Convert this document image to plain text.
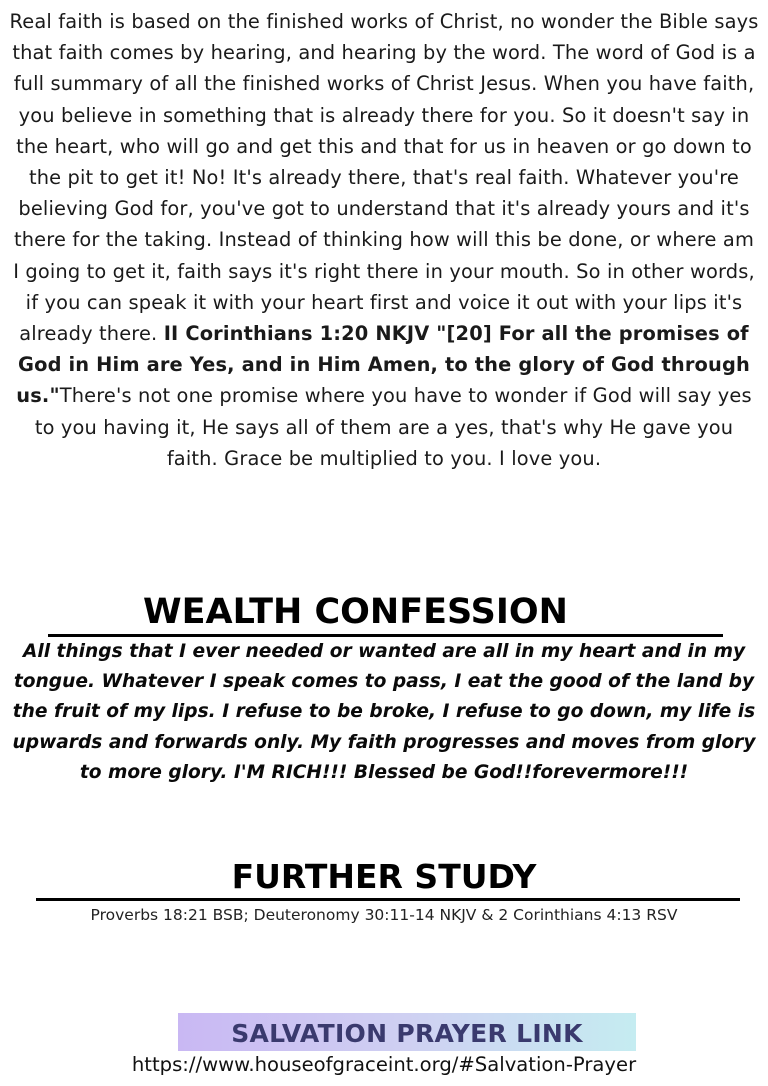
Real faith is based on the finished works of Christ, no wonder the Bible says that faith comes by hearing, and hearing by the word. The word of God is a full summary of all the finished works of Christ Jesus. When you have faith, you believe in something that is already there for you. So it doesn't say in the heart, who will go and get this and that for us in heaven or go down to the pit to get it! No! It's already there, that's real faith. Whatever you're believing God for, you've got to understand that it's already yours and it's there for the taking. Instead of thinking how will this be done, or where am I going to get it, faith says it's right there in your mouth. So in other words, if you can speak it with your heart first and voice it out with your lips it's already there. II Corinthians 1:20 NKJV "[20] For all the promises of God in Him are Yes, and in Him Amen, to the glory of God through us."There's not one promise where you have to wonder if God will say yes to you having it, He says all of them are a yes, that's why He gave you faith. Grace be multiplied to you. I love you.
WEALTH CONFESSION
All things that I ever needed or wanted are all in my heart and in my tongue. Whatever I speak comes to pass, I eat the good of the land by the fruit of my lips. I refuse to be broke, I refuse to go down, my life is upwards and forwards only. My faith progresses and moves from glory to more glory. I'M RICH!!! Blessed be God!!forevermore!!!
FURTHER STUDY
Proverbs 18:21 BSB; Deuteronomy 30:11-14 NKJV & 2 Corinthians 4:13 RSV
SALVATION PRAYER LINK
https://www.houseofgraceint.org/#Salvation-Prayer
